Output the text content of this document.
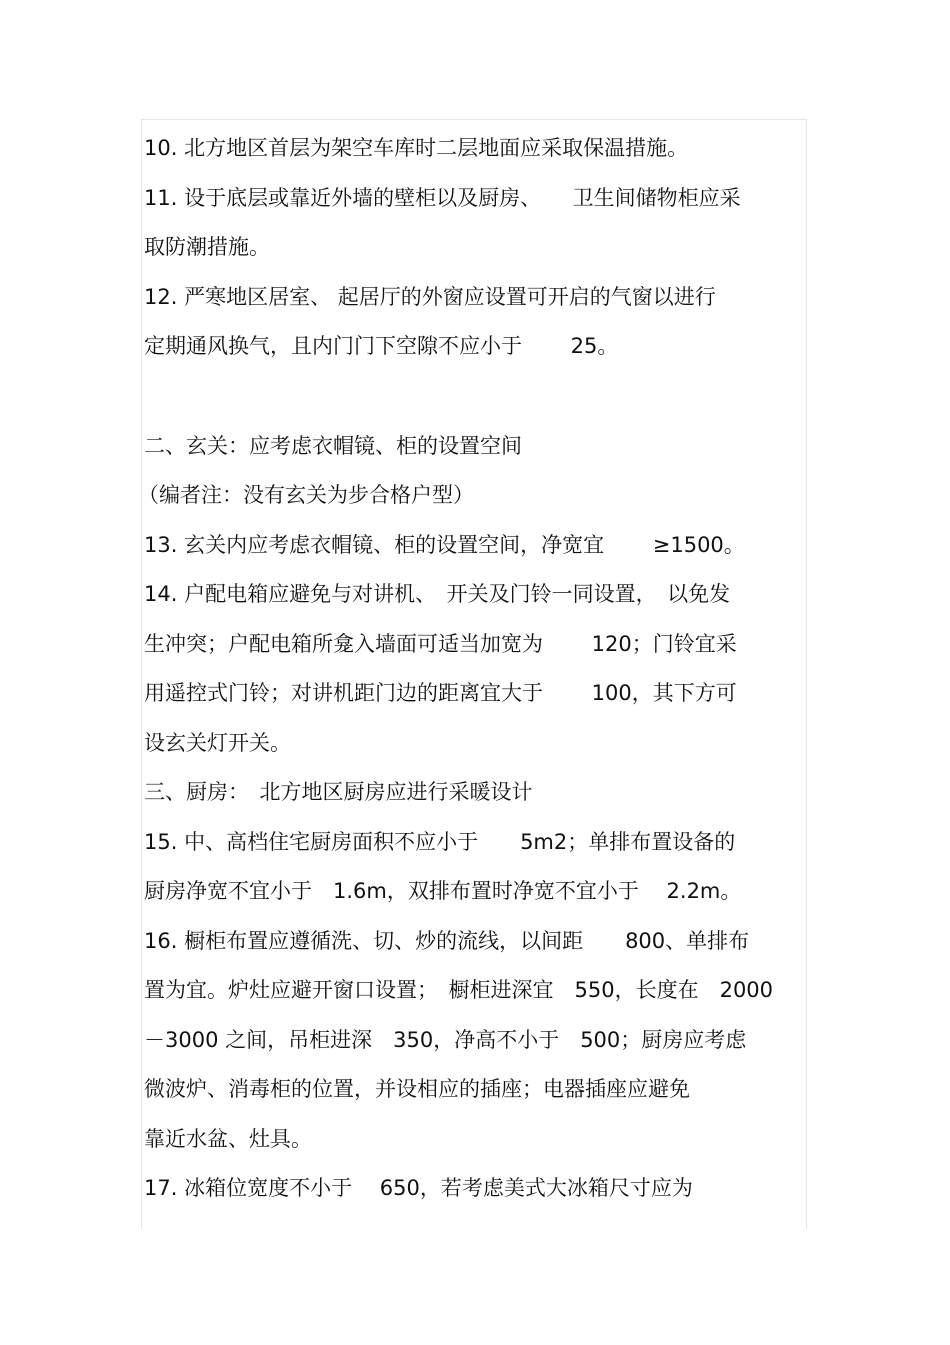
10. 北方地区首层为架空车库时二层地面应采取保温措施。
11. 设于底层或靠近外墙的壁柜以及厨房、　　卫生间储物柜应采
取防潮措施。
12. 严寒地区居室、 起居厅的外窗应设置可开启的气窗以进行
定期通风换气，且内门门下空隙不应小于　　 25。
二、玄关：应考虑衣帽镜、柜的设置空间
（编者注：没有玄关为步合格户型）
13. 玄关内应考虑衣帽镜、柜的设置空间，净宽宜　　 ≥1500。
14. 户配电箱应避免与对讲机、　开关及门铃一同设置，　以免发
生冲突；户配电箱所龛入墙面可适当加宽为　　 120；门铃宜采
用遥控式门铃；对讲机距门边的距离宜大于　　 100，其下方可
设玄关灯开关。
三、厨房：　北方地区厨房应进行采暖设计
15. 中、高档住宅厨房面积不应小于　　5m2；单排布置设备的
厨房净宽不宜小于　1.6m，双排布置时净宽不宜小于　 2.2m。
16. 橱柜布置应遵循洗、切、炒的流线，以间距　　800、单排布
置为宜。炉灶应避开窗口设置；　橱柜进深宜　550，长度在　2000
－3000 之间，吊柜进深　350，净高不小于　500；厨房应考虑
微波炉、消毒柜的位置，并设相应的插座；电器插座应避免
靠近水盆、灶具。
17. 冰箱位宽度不小于　 650，若考虑美式大冰箱尺寸应为
